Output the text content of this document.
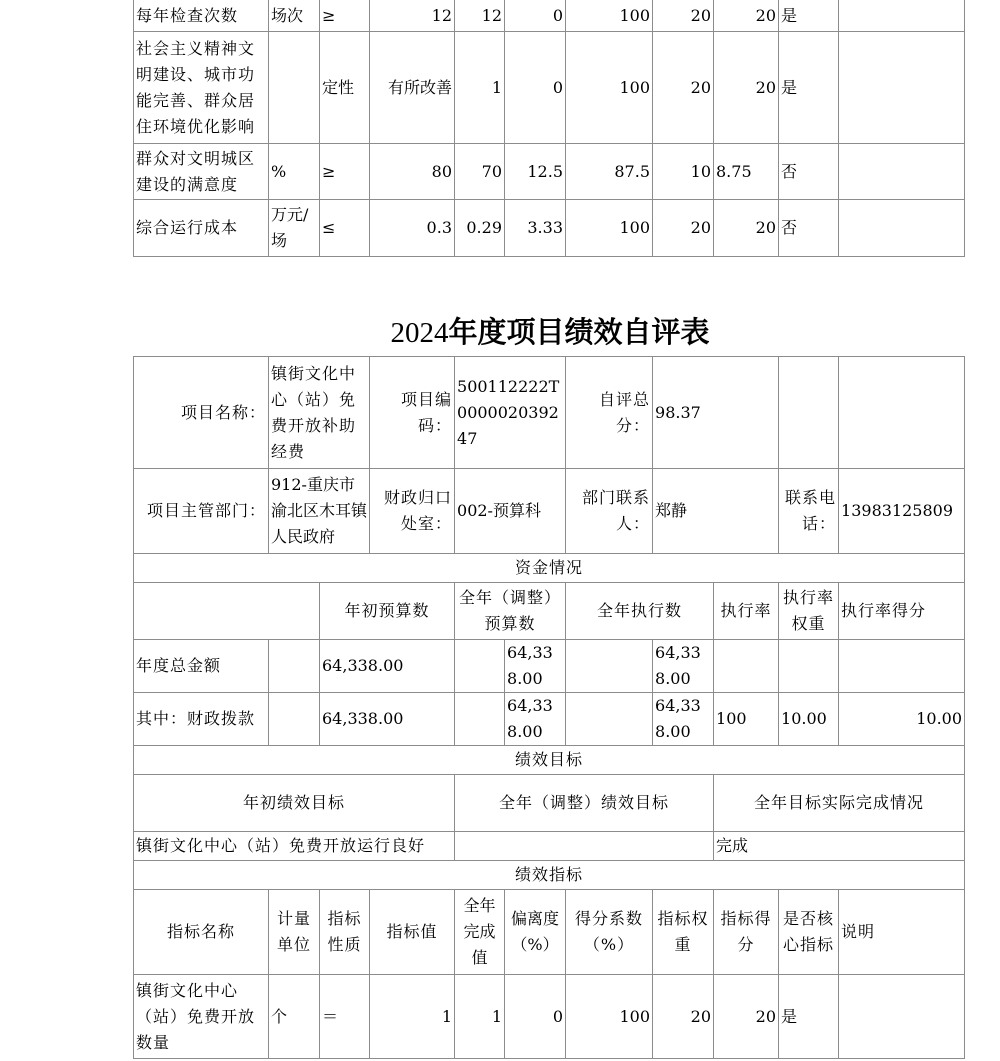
每年检查次数	场次	≥	12	12	0	100	20	20	是	
社会主义精神文明建设、城市功能完善、群众居住环境优化影响		定性	有所改善	1	0	100	20	20	是	
群众对文明城区建设的满意度	%	≥	80	70	12.5	87.5	10	8.75	否	
综合运行成本	万元/场	≤	0.3	0.29	3.33	100	20	20	否	
2024年度项目绩效自评表
项目名称：	镇街文化中心（站）免费开放补助经费		项目编码：	500112222T000002039247		自评总分：	98.37			
项目主管部门：	912-重庆市渝北区木耳镇人民政府		财政归口处室：	002-预算科		部门联系人：	郑静		联系电话：	13983125809
资金情况										
		年初预算数		全年（调整）预算数		全年执行数		执行率	执行率权重	执行率得分
年度总金额		64,338.00			64,338.00		64,338.00			
其中：财政拨款		64,338.00			64,338.00		64,338.00	100	10.00	10.00
绩效目标										
年初绩效目标				全年（调整）绩效目标				全年目标实际完成情况		
镇街文化中心（站）免费开放运行良好								完成		
绩效指标										
指标名称	计量单位	指标性质	指标值	全年完成值	偏离度（%）	得分系数（%）	指标权重	指标得分	是否核心指标	说明
镇街文化中心（站）免费开放数量	个	＝	1	1	0	100	20	20	是	
